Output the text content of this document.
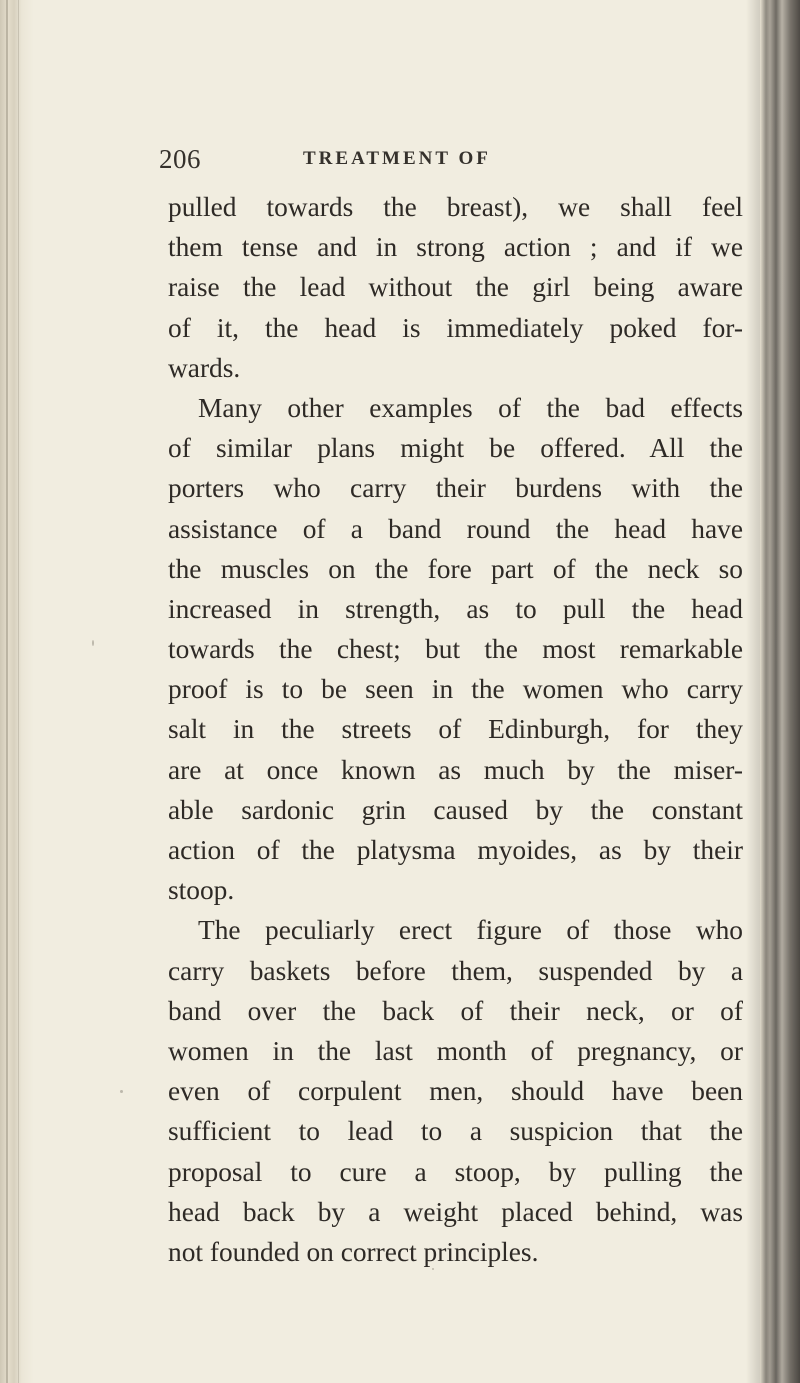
206	TREATMENT OF
pulled towards the breast), we shall feel
them tense and in strong action ; and if we
raise the lead without the girl being aware
of it, the head is immediately poked for-
wards.
Many other examples of the bad effects
of similar plans might be offered. All the
porters who carry their burdens with the
assistance of a band round the head have
the muscles on the fore part of the neck so
increased in strength, as to pull the head
towards the chest; but the most remarkable
proof is to be seen in the women who carry
salt in the streets of Edinburgh, for they
are at once known as much by the miser-
able sardonic grin caused by the constant
action of the platysma myoides, as by their
stoop.
The peculiarly erect figure of those who
carry baskets before them, suspended by a
band over the back of their neck, or of
women in the last month of pregnancy, or
even of corpulent men, should have been
sufficient to lead to a suspicion that the
proposal to cure a stoop, by pulling the
head back by a weight placed behind, was
not founded on correct principles.
